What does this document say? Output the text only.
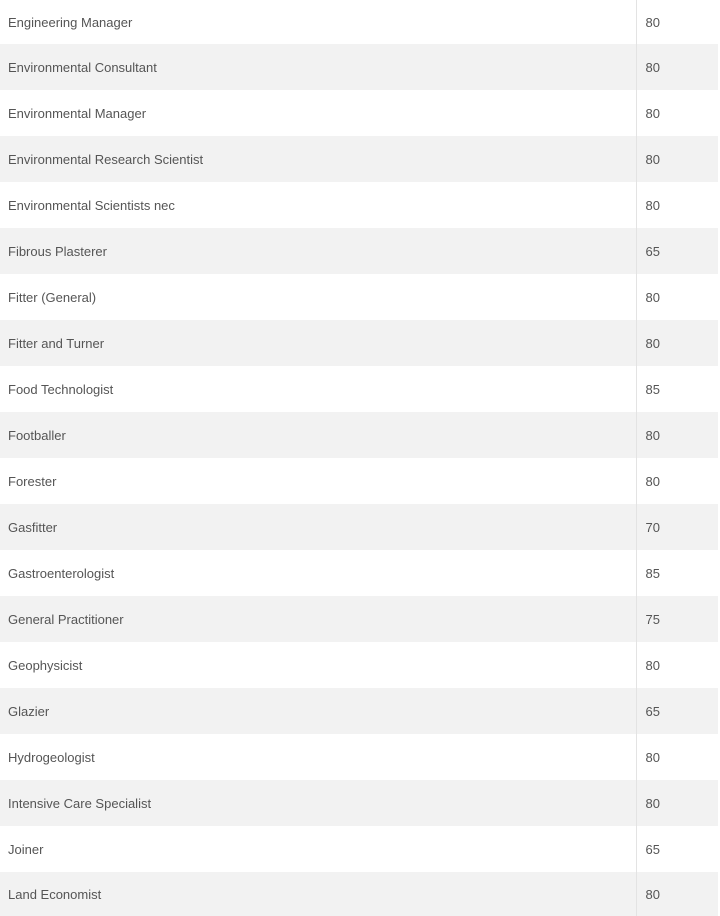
Engineering Manager	80
Environmental Consultant	80
Environmental Manager	80
Environmental Research Scientist	80
Environmental Scientists nec	80
Fibrous Plasterer	65
Fitter (General)	80
Fitter and Turner	80
Food Technologist	85
Footballer	80
Forester	80
Gasfitter	70
Gastroenterologist	85
General Practitioner	75
Geophysicist	80
Glazier	65
Hydrogeologist	80
Intensive Care Specialist	80
Joiner	65
Land Economist	80
